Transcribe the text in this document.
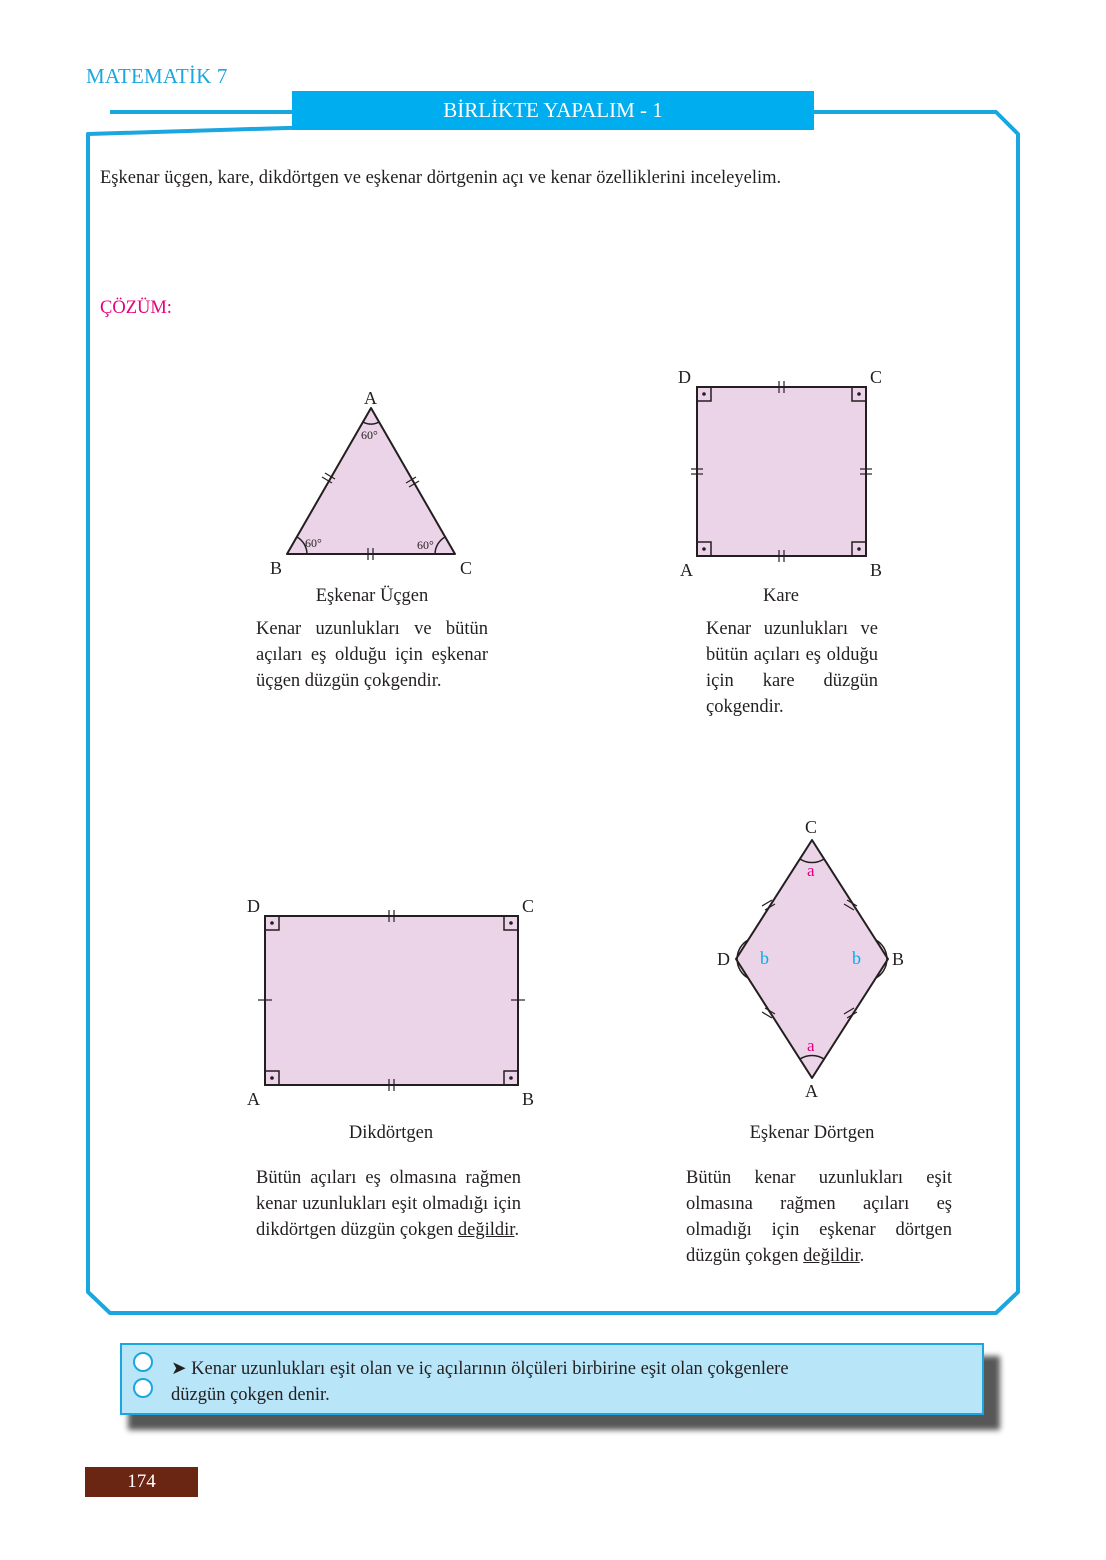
MATEMATİK 7
BİRLİKTE YAPALIM - 1
Eşkenar üçgen, kare, dikdörtgen ve eşkenar dörtgenin açı ve kenar özelliklerini inceleyelim.
ÇÖZÜM:
A
B	C
60°
60°	60°
D	C
A	B
Eşkenar Üçgen
Kenar uzunlukları ve bütün açıları eş olduğu için eşkenar üçgen düzgün çokgendir.
Kare
Kenar uzunlukları ve bütün açıları eş olduğu için kare düzgün çokgendir.
D	C
A	B
C
D	B
A
a
a
b	b
Dikdörtgen
Bütün açıları eş olmasına rağmen kenar uzunlukları eşit olmadığı için dikdörtgen düzgün çokgen değildir.
Eşkenar Dörtgen
Bütün kenar uzunlukları eşit olmasına rağmen açıları eş olmadığı için eşkenar dörtgen düzgün çokgen değildir.
➤ Kenar uzunlukları eşit olan ve iç açılarının ölçüleri birbirine eşit olan çokgenlere
düzgün çokgen denir.
174
